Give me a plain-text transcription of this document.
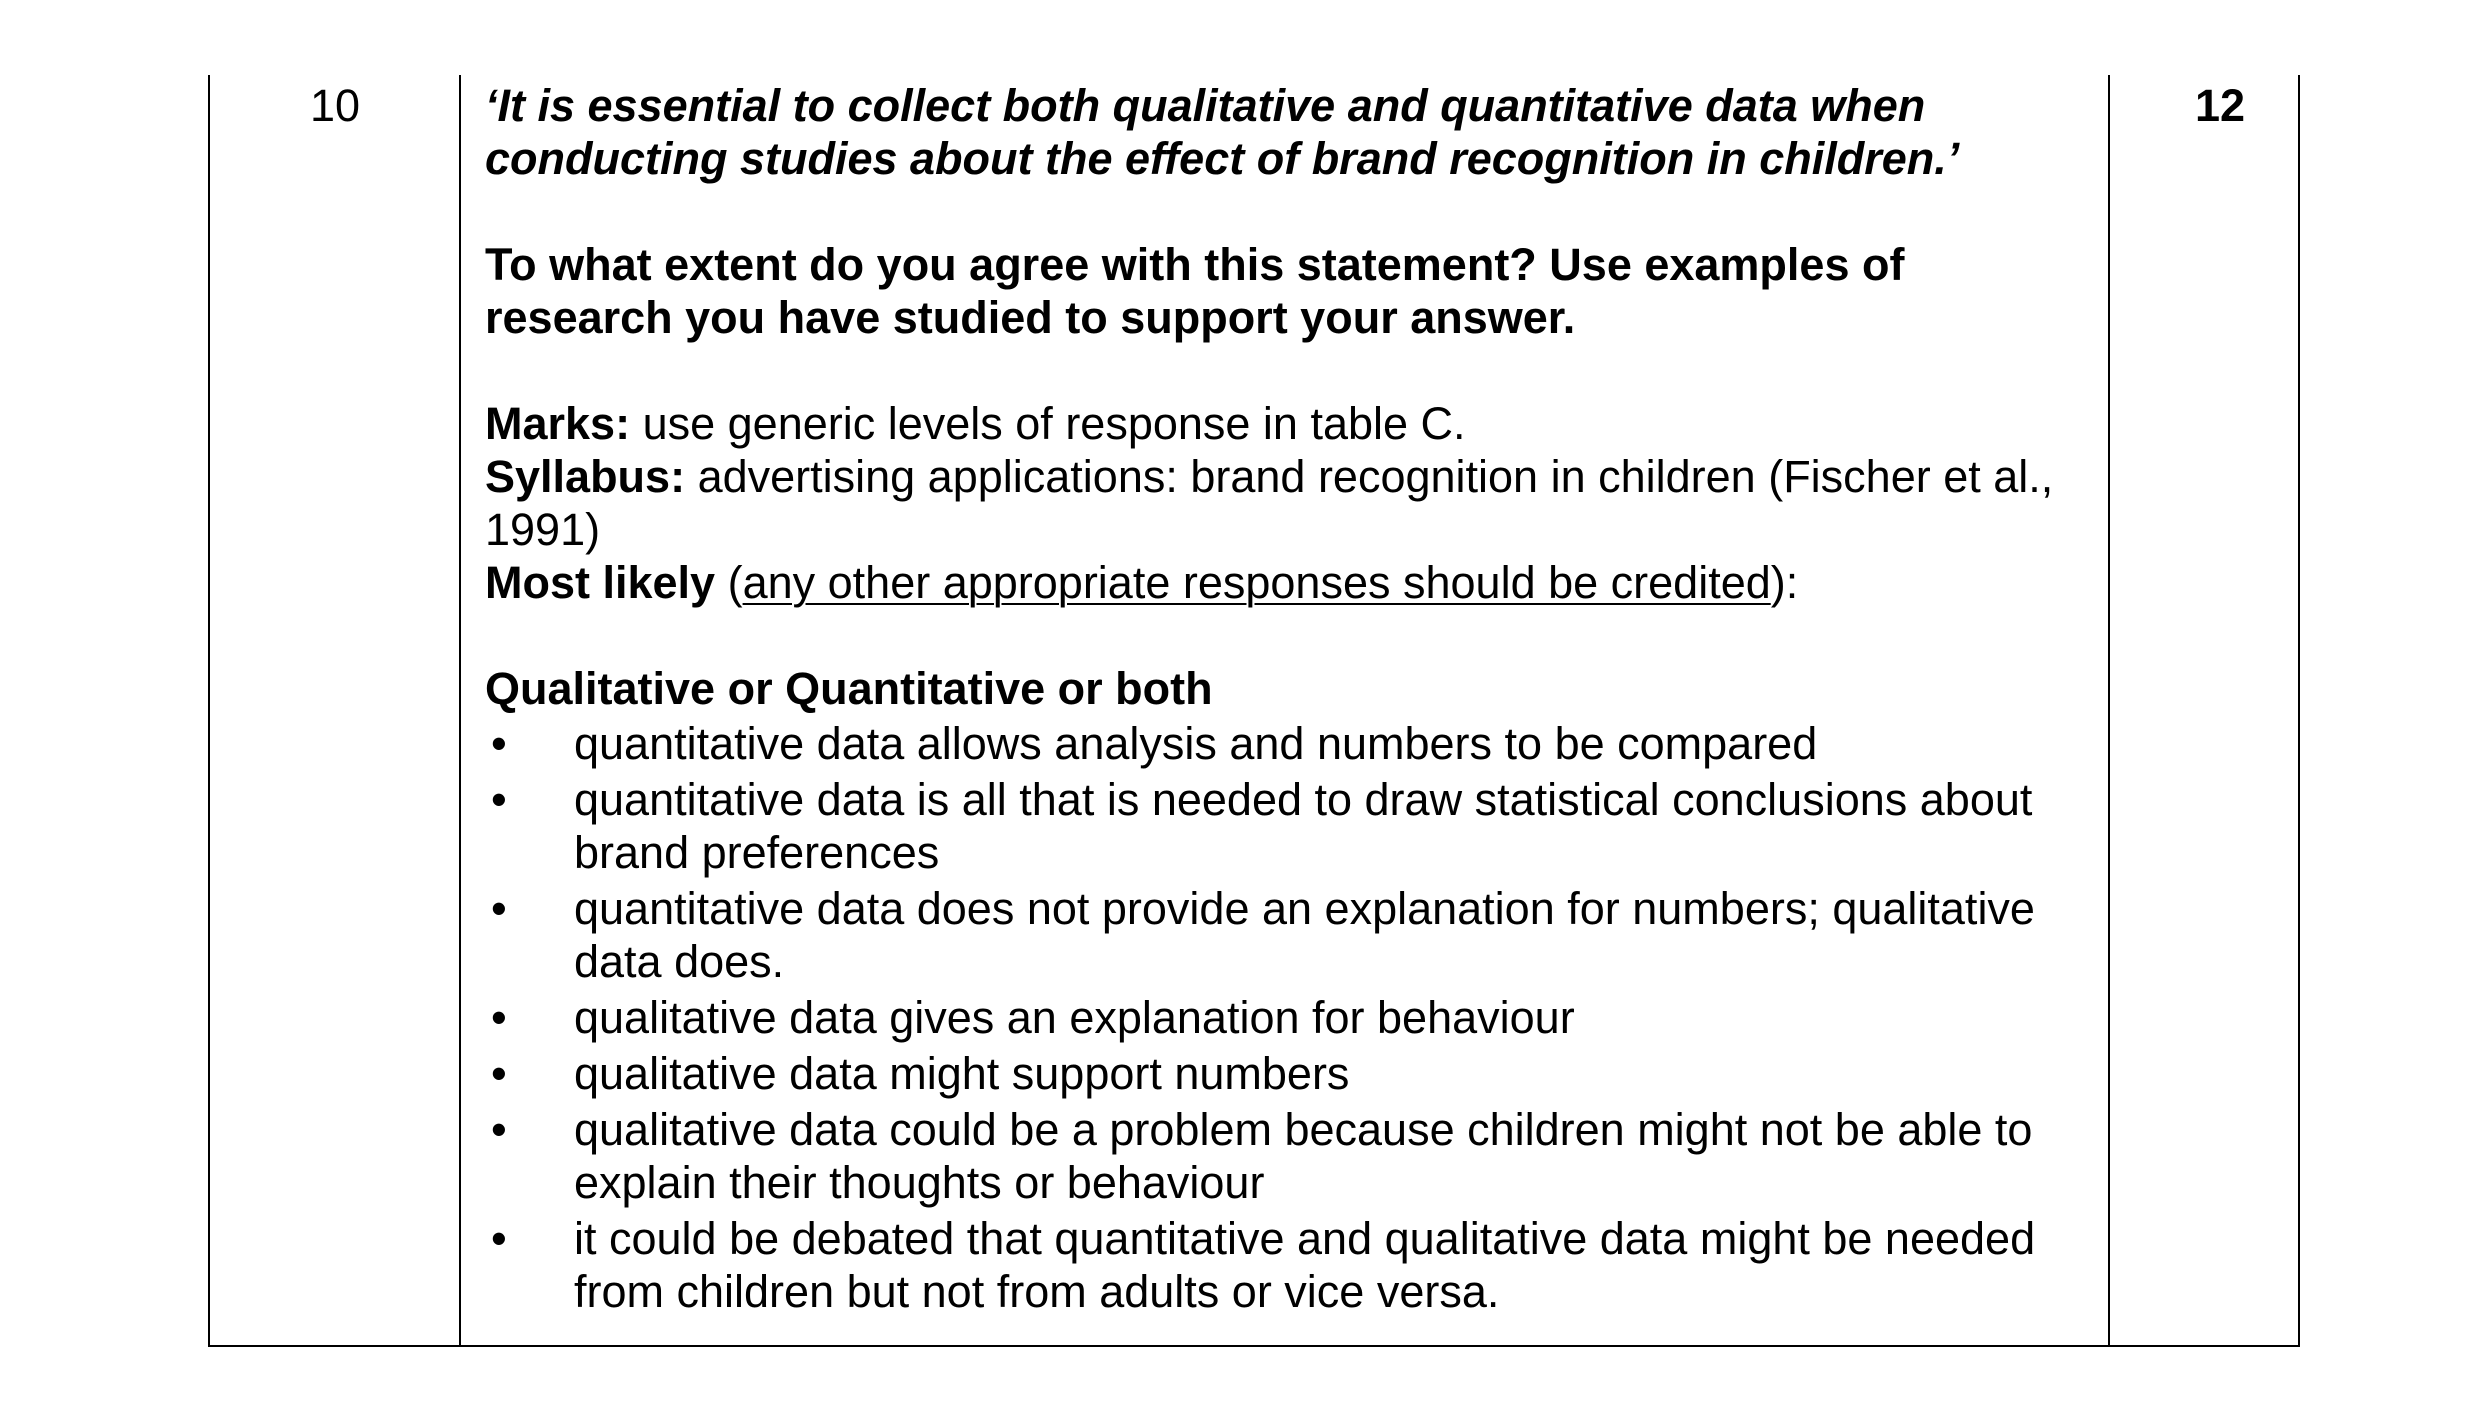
10	‘It is essential to collect both qualitative and quantitative data when conducting studies about the effect of brand recognition in children.’

To what extent do you agree with this statement? Use examples of research you have studied to support your answer.

Marks: use generic levels of response in table C.

Syllabus: advertising applications: brand recognition in children (Fischer et al., 1991)

Most likely (any other appropriate responses should be credited):

Qualitative or Quantitative or both

• quantitative data allows analysis and numbers to be compared
• quantitative data is all that is needed to draw statistical conclusions about brand preferences
• quantitative data does not provide an explanation for numbers; qualitative data does.
• qualitative data gives an explanation for behaviour
• qualitative data might support numbers
• qualitative data could be a problem because children might not be able to explain their thoughts or behaviour
• it could be debated that quantitative and qualitative data might be needed from children but not from adults or vice versa.
12
